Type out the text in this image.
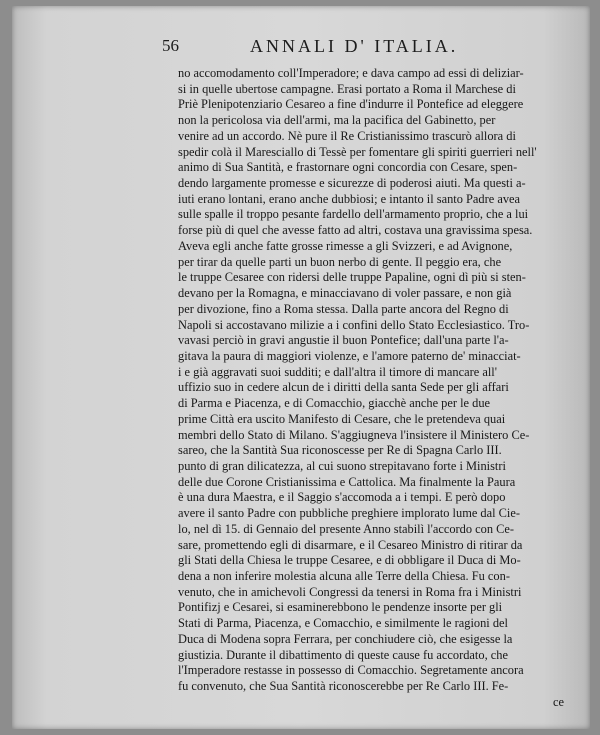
56	ANNALI D' ITALIA.
no accomodamento coll'Imperadore; e dava campo ad essi di deliziar-
si in quelle ubertose campagne. Erasi portato a Roma il Marchese di
Priè Plenipotenziario Cesareo a fine d'indurre il Pontefice ad eleggere
non la pericolosa via dell'armi, ma la pacifica del Gabinetto, per
venire ad un accordo. Nè pure il Re Cristianissimo trascurò allora di
spedir colà il Maresciallo di Tessè per fomentare gli spiriti guerrieri nell'
animo di Sua Santità, e frastornare ogni concordia con Cesare, spen-
dendo largamente promesse e sicurezze di poderosi aiuti. Ma questi a-
iuti erano lontani, erano anche dubbiosi; e intanto il santo Padre avea
sulle spalle il troppo pesante fardello dell'armamento proprio, che a lui
forse più di quel che avesse fatto ad altri, costava una gravissima spesa.
Aveva egli anche fatte grosse rimesse a gli Svizzeri, e ad Avignone,
per tirar da quelle parti un buon nerbo di gente. Il peggio era, che
le truppe Cesaree con ridersi delle truppe Papaline, ogni dì più si sten-
devano per la Romagna, e minacciavano di voler passare, e non già
per divozione, fino a Roma stessa. Dalla parte ancora del Regno di
Napoli si accostavano milizie a i confini dello Stato Ecclesiastico. Tro-
vavasi perciò in gravi angustie il buon Pontefice; dall'una parte l'a-
gitava la paura di maggiori violenze, e l'amore paterno de' minacciat-
i e già aggravati suoi sudditi; e dall'altra il timore di mancare all'
uffizio suo in cedere alcun de i diritti della santa Sede per gli affari
di Parma e Piacenza, e di Comacchio, giacchè anche per le due
prime Città era uscito Manifesto di Cesare, che le pretendeva quai
membri dello Stato di Milano. S'aggiugneva l'insistere il Ministero Ce-
sareo, che la Santità Sua riconoscesse per Re di Spagna Carlo III.
punto di gran dilicatezza, al cui suono strepitavano forte i Ministri
delle due Corone Cristianissima e Cattolica. Ma finalmente la Paura
è una dura Maestra, e il Saggio s'accomoda a i tempi. E però dopo
avere il santo Padre con pubbliche preghiere implorato lume dal Cie-
lo, nel dì 15. di Gennaio del presente Anno stabilì l'accordo con Ce-
sare, promettendo egli di disarmare, e il Cesareo Ministro di ritirar da
gli Stati della Chiesa le truppe Cesaree, e di obbligare il Duca di Mo-
dena a non inferire molestia alcuna alle Terre della Chiesa. Fu con-
venuto, che in amichevoli Congressi da tenersi in Roma fra i Ministri
Pontifizj e Cesarei, si esaminerebbono le pendenze insorte per gli
Stati di Parma, Piacenza, e Comacchio, e similmente le ragioni del
Duca di Modena sopra Ferrara, per conchiudere ciò, che esigesse la
giustizia. Durante il dibattimento di queste cause fu accordato, che
l'Imperadore restasse in possesso di Comacchio. Segretamente ancora
fu convenuto, che Sua Santità riconoscerebbe per Re Carlo III. Fe-
ce
